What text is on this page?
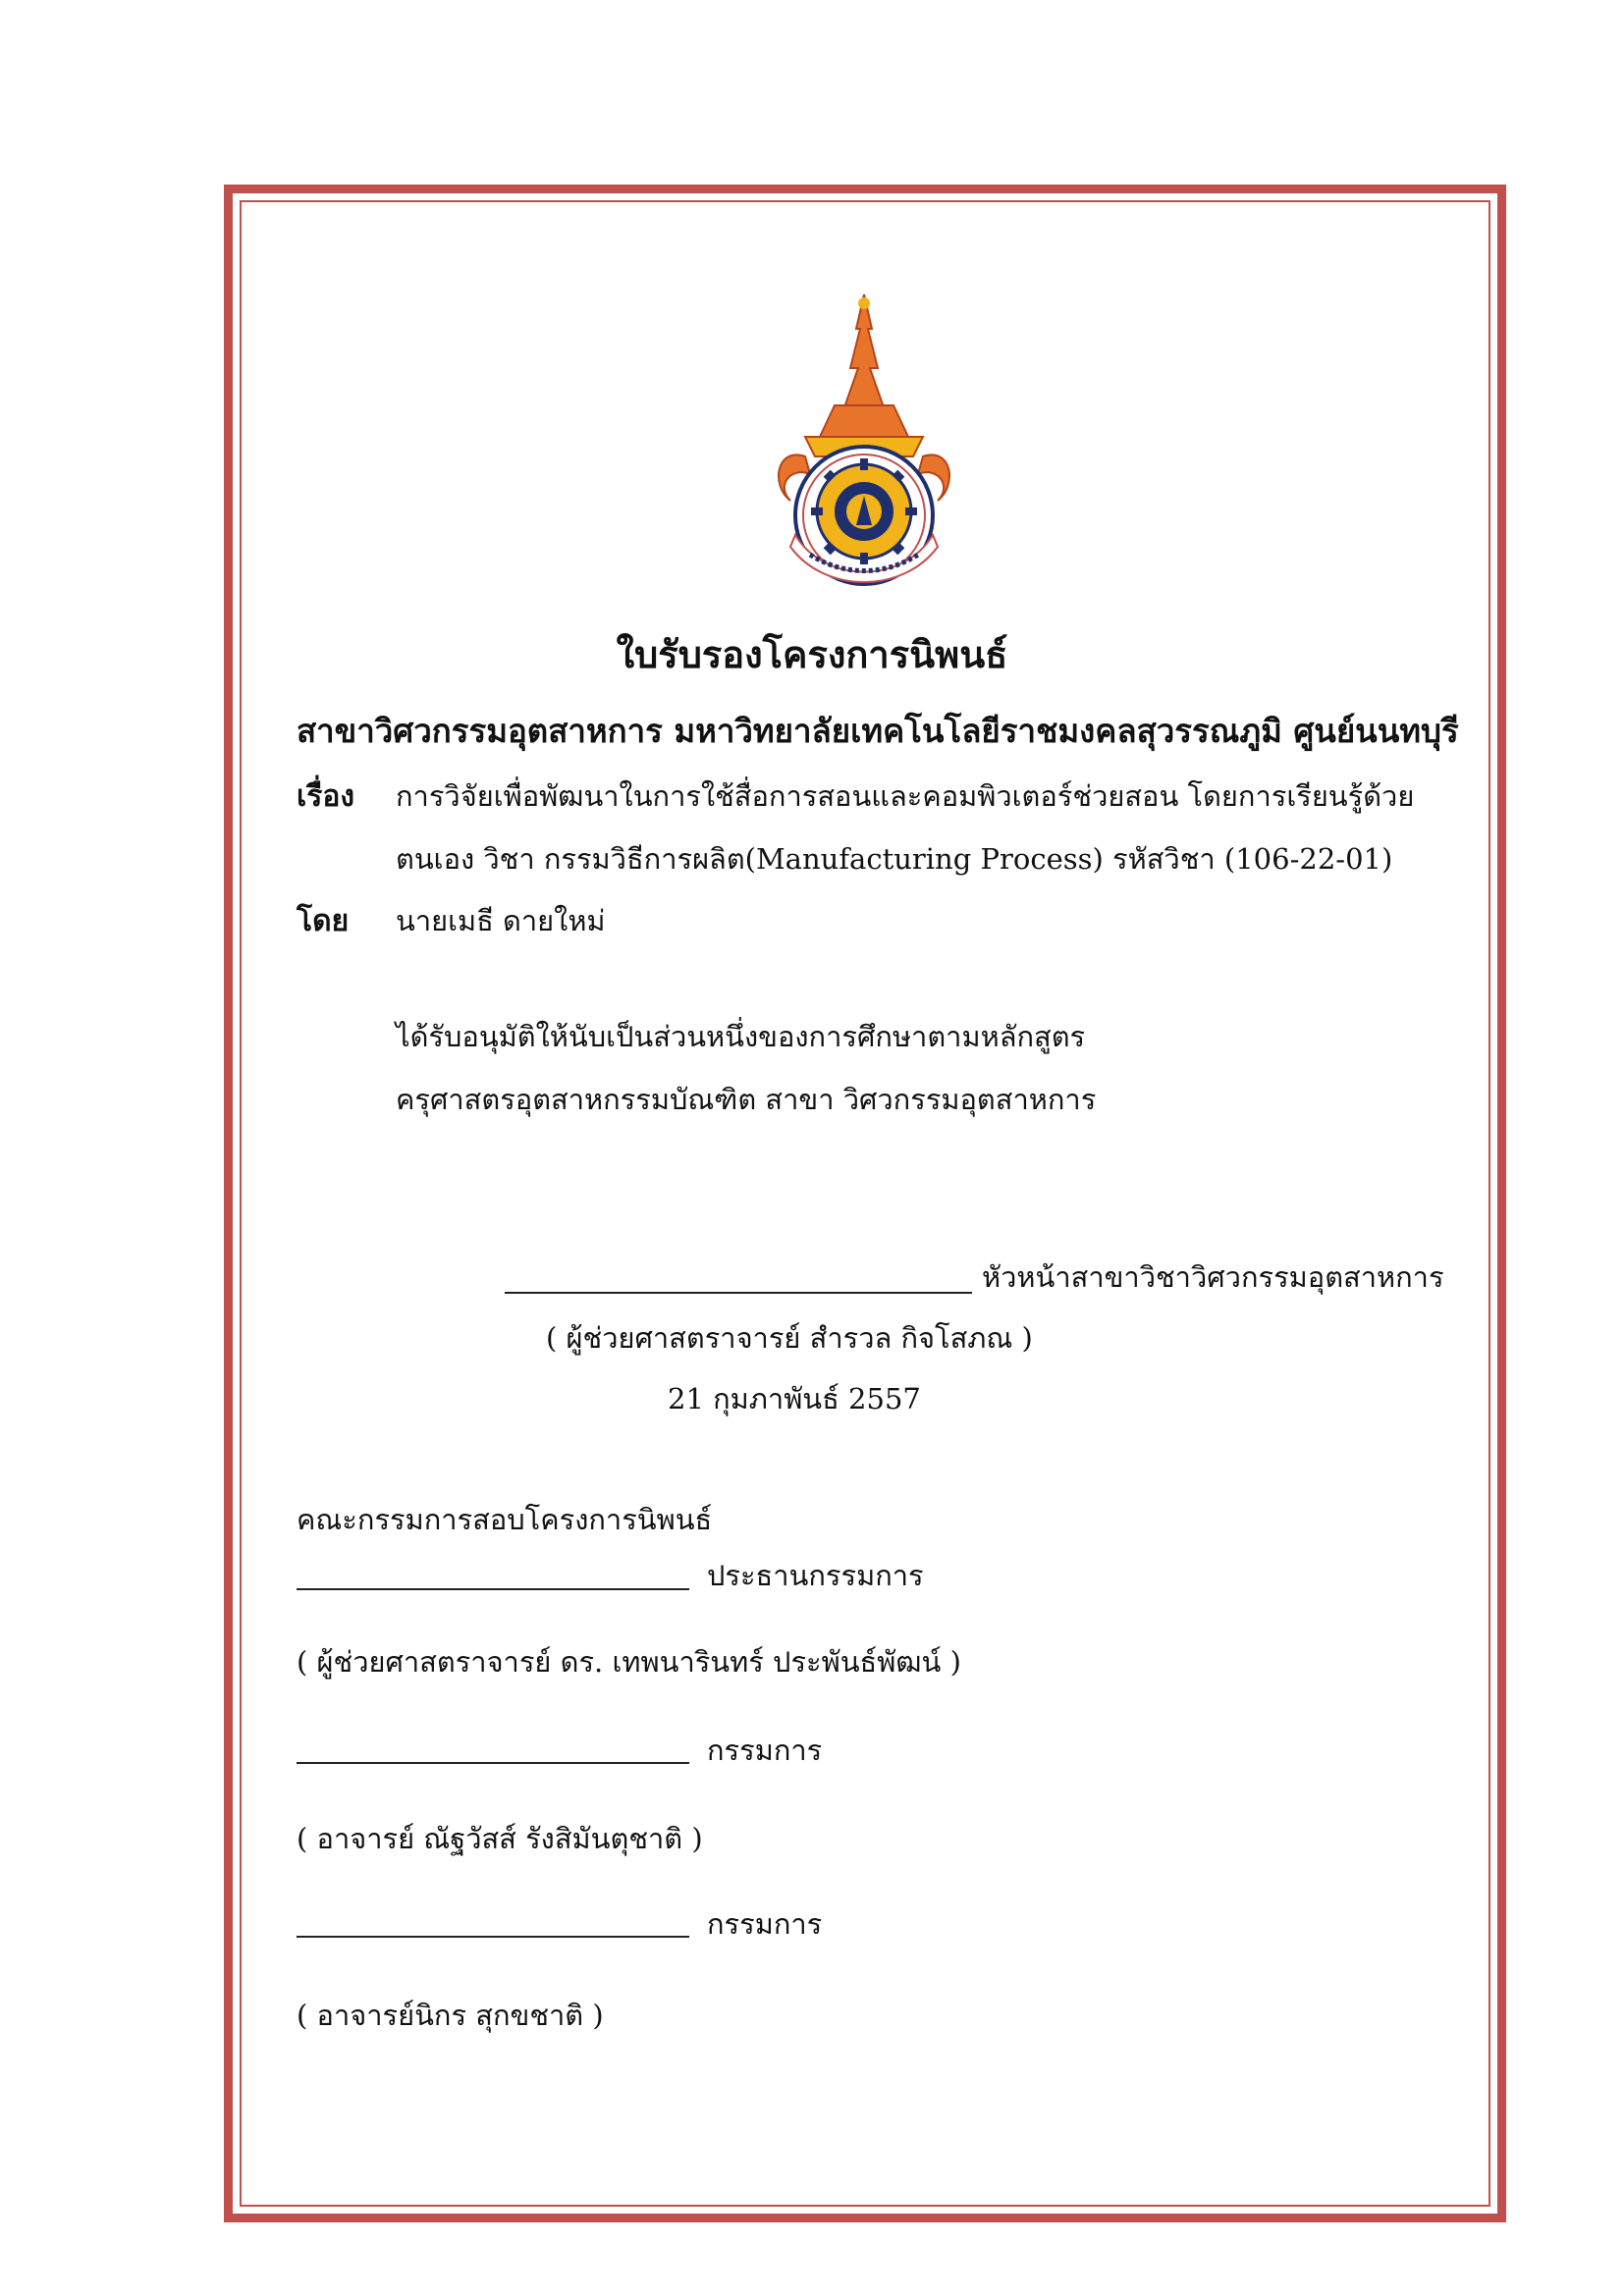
ใบรับรองโครงการนิพนธ์
สาขาวิศวกรรมอุตสาหการ มหาวิทยาลัยเทคโนโลยีราชมงคลสุวรรณภูมิ ศูนย์นนทบุรี
เรื่อง การวิจัยเพื่อพัฒนาในการใช้สื่อการสอนและคอมพิวเตอร์ช่วยสอน โดยการเรียนรู้ด้วย
ตนเอง วิชา กรรมวิธีการผลิต(Manufacturing Process) รหัสวิชา (106-22-01)
โดย นายเมธี ดายใหม่
ได้รับอนุมัติให้นับเป็นส่วนหนึ่งของการศึกษาตามหลักสูตร
ครุศาสตรอุตสาหกรรมบัณฑิต สาขา วิศวกรรมอุตสาหการ
หัวหน้าสาขาวิชาวิศวกรรมอุตสาหการ
( ผู้ช่วยศาสตราจารย์ สำรวล กิจโสภณ )
21 กุมภาพันธ์ 2557
คณะกรรมการสอบโครงการนิพนธ์
ประธานกรรมการ
( ผู้ช่วยศาสตราจารย์ ดร. เทพนารินทร์ ประพันธ์พัฒน์ )
กรรมการ
( อาจารย์ ณัฐวัสส์ รังสิมันตุชาติ )
กรรมการ
( อาจารย์นิกร สุกขชาติ )
